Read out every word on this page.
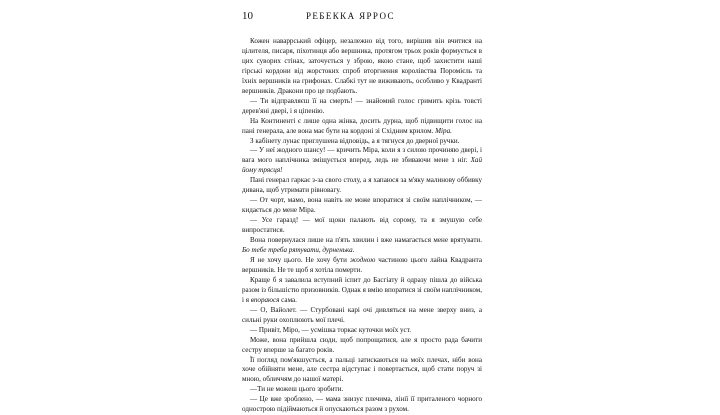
10	РЕБЕККА ЯРРОС

Кожен наваррський офіцер, незалежно від того, вирішив він вчитися на цілителя, писаря, піхотинця або вершника, протягом трьох років формується в цих суворих стінах, заточується у зброю, якою стане, щоб захистити наші гірські кордони від жорстоких спроб вторгнення королівства Поромієль та їхніх вершників на грифонах. Слабкі тут не виживають, особливо у Квадранті вершників. Дракони про це подбають.

— Ти відправляєш її на смерть! — знайомий голос гримить крізь товсті дерев'яні двері, і я ціпенію.

На Континенті є лише одна жінка, досить дурна, щоб підвищити голос на пані генерала, але вона має бути на кордоні зі Східним крилом. Міра.

З кабінету лунає приглушена відповідь, а я тягнуся до дверної ручки.

— У неї жодного шансу! — кричить Міра, коли я з силою прочиняю двері, і вага мого наплічника зміщується вперед, ледь не збиваючи мене з ніг. Хай йому трясця!

Пані генерал гаркає з-за свого столу, а я хапаюся за м'яку малинову оббивку дивана, щоб утримати рівновагу.

— От чорт, мамо, вона навіть не може впоратися зі своїм наплічником, — кидається до мене Міра.

— Усе гаразд! — мої щоки палають від сорому, та я змушую себе випростатися.

Вона повернулася лише на п'ять хвилин і вже намагається мене врятувати. Бо тебе треба рятувати, дурненька.

Я не хочу цього. Не хочу бути жодною частиною цього лайна Квадранта вершників. Не те щоб я хотіла померти.

Краще б я завалила вступний іспит до Басгіату й одразу пішла до війська разом із більшістю призовників. Однак я вмію впоратися зі своїм наплічником, і я впораюся сама.

— О, Вайолет. — Стурбовані карі очі дивляться на мене зверху вниз, а сильні руки охоплюють мої плечі.

— Привіт, Міро, — усмішка торкає куточки моїх уст.

Може, вона прийшла сюди, щоб попрощатися, але я просто рада бачити сестру вперше за багато років.

Її погляд пом'якшується, а пальці затискаються на моїх плечах, ніби вона хоче обійняти мене, але сестра відступає і повертається, щоб стати поруч зі мною, обличчям до нашої матері.

—Ти не можеш цього зробити.

— Це вже зроблено, — мама знизує плечима, лінії її приталеного чорного однострою підіймаються й опускаються разом з рухом.
